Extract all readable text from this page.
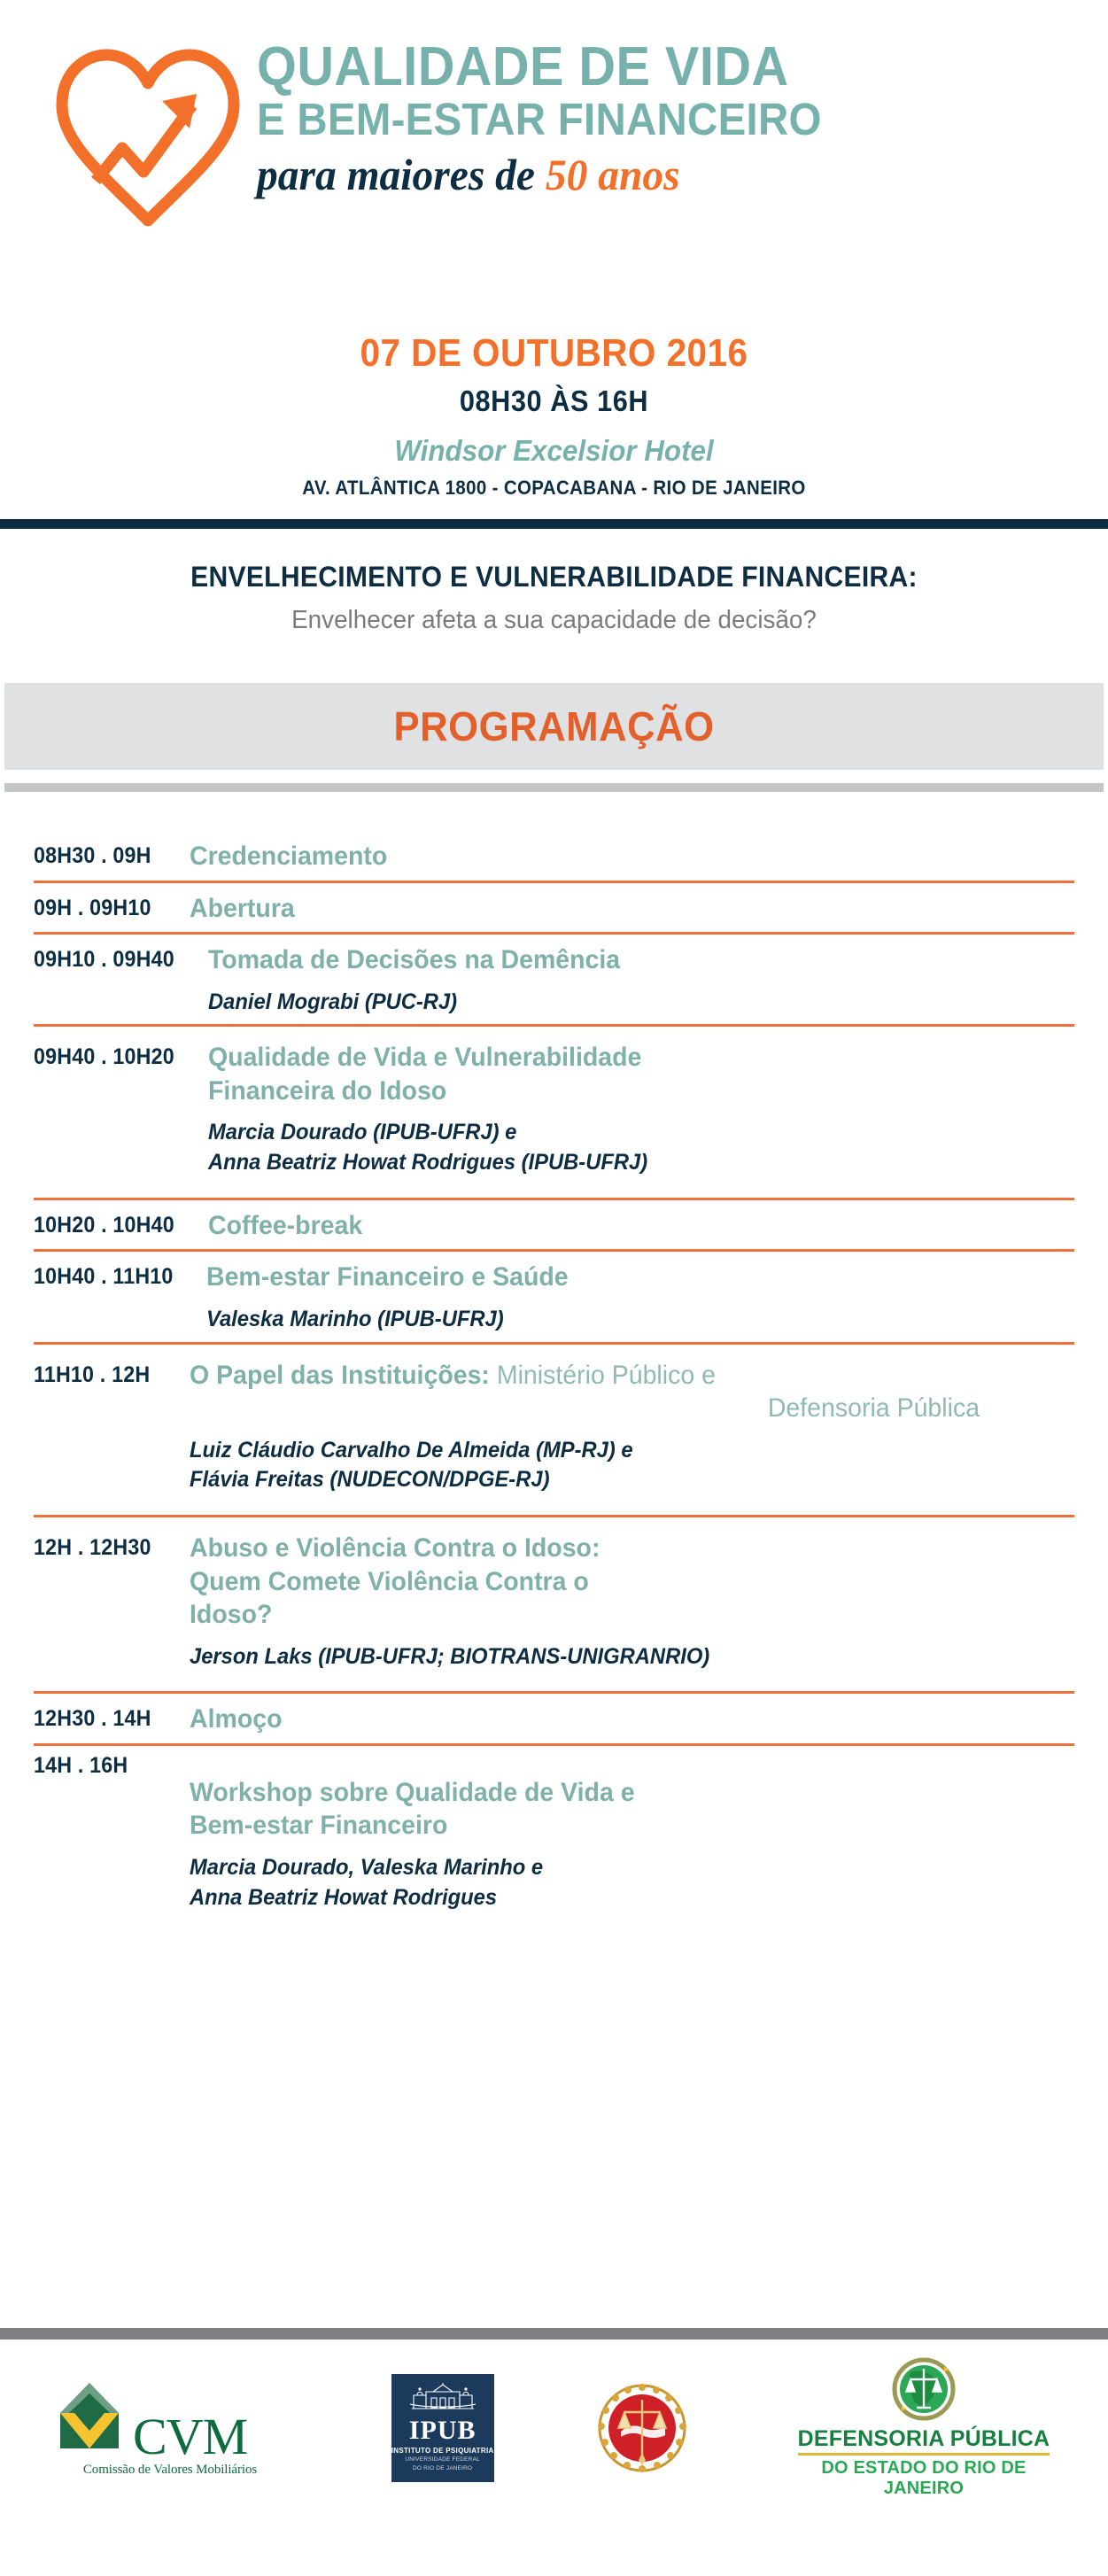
QUALIDADE DE VIDA
E BEM-ESTAR FINANCEIRO
para maiores de 50 anos
07 DE OUTUBRO 2016
08H30 ÀS 16H
Windsor Excelsior Hotel
AV. ATLÂNTICA 1800 - COPACABANA - RIO DE JANEIRO
ENVELHECIMENTO E VULNERABILIDADE FINANCEIRA:
Envelhecer afeta a sua capacidade de decisão?
PROGRAMAÇÃO
08H30 . 09H Credenciamento
09H . 09H10 Abertura
09H10 . 09H40 Tomada de Decisões na Demência
Daniel Mograbi (PUC-RJ)
09H40 . 10H20 Qualidade de Vida e Vulnerabilidade Financeira do Idoso
Marcia Dourado (IPUB-UFRJ) e
Anna Beatriz Howat Rodrigues (IPUB-UFRJ)
10H20 . 10H40 Coffee-break
10H40 . 11H10 Bem-estar Financeiro e Saúde
Valeska Marinho (IPUB-UFRJ)
11H10 . 12H O Papel das Instituições: Ministério Público e
Defensoria Pública
Luiz Cláudio Carvalho De Almeida (MP-RJ) e
Flávia Freitas (NUDECON/DPGE-RJ)
12H . 12H30 Abuso e Violência Contra o Idoso: Quem Comete Violência Contra o Idoso?
Jerson Laks (IPUB-UFRJ; BIOTRANS-UNIGRANRIO)
12H30 . 14H Almoço
14H . 16H
Workshop sobre Qualidade de Vida e Bem-estar Financeiro
Marcia Dourado, Valeska Marinho e
Anna Beatriz Howat Rodrigues
CVM
Comissão de Valores Mobiliários
IPUB
INSTITUTO DE PSIQUIATRIA
UNIVERSIDADE FEDERAL
DO RIO DE JANEIRO
DEFENSORIA PÚBLICA
DO ESTADO DO RIO DE JANEIRO
